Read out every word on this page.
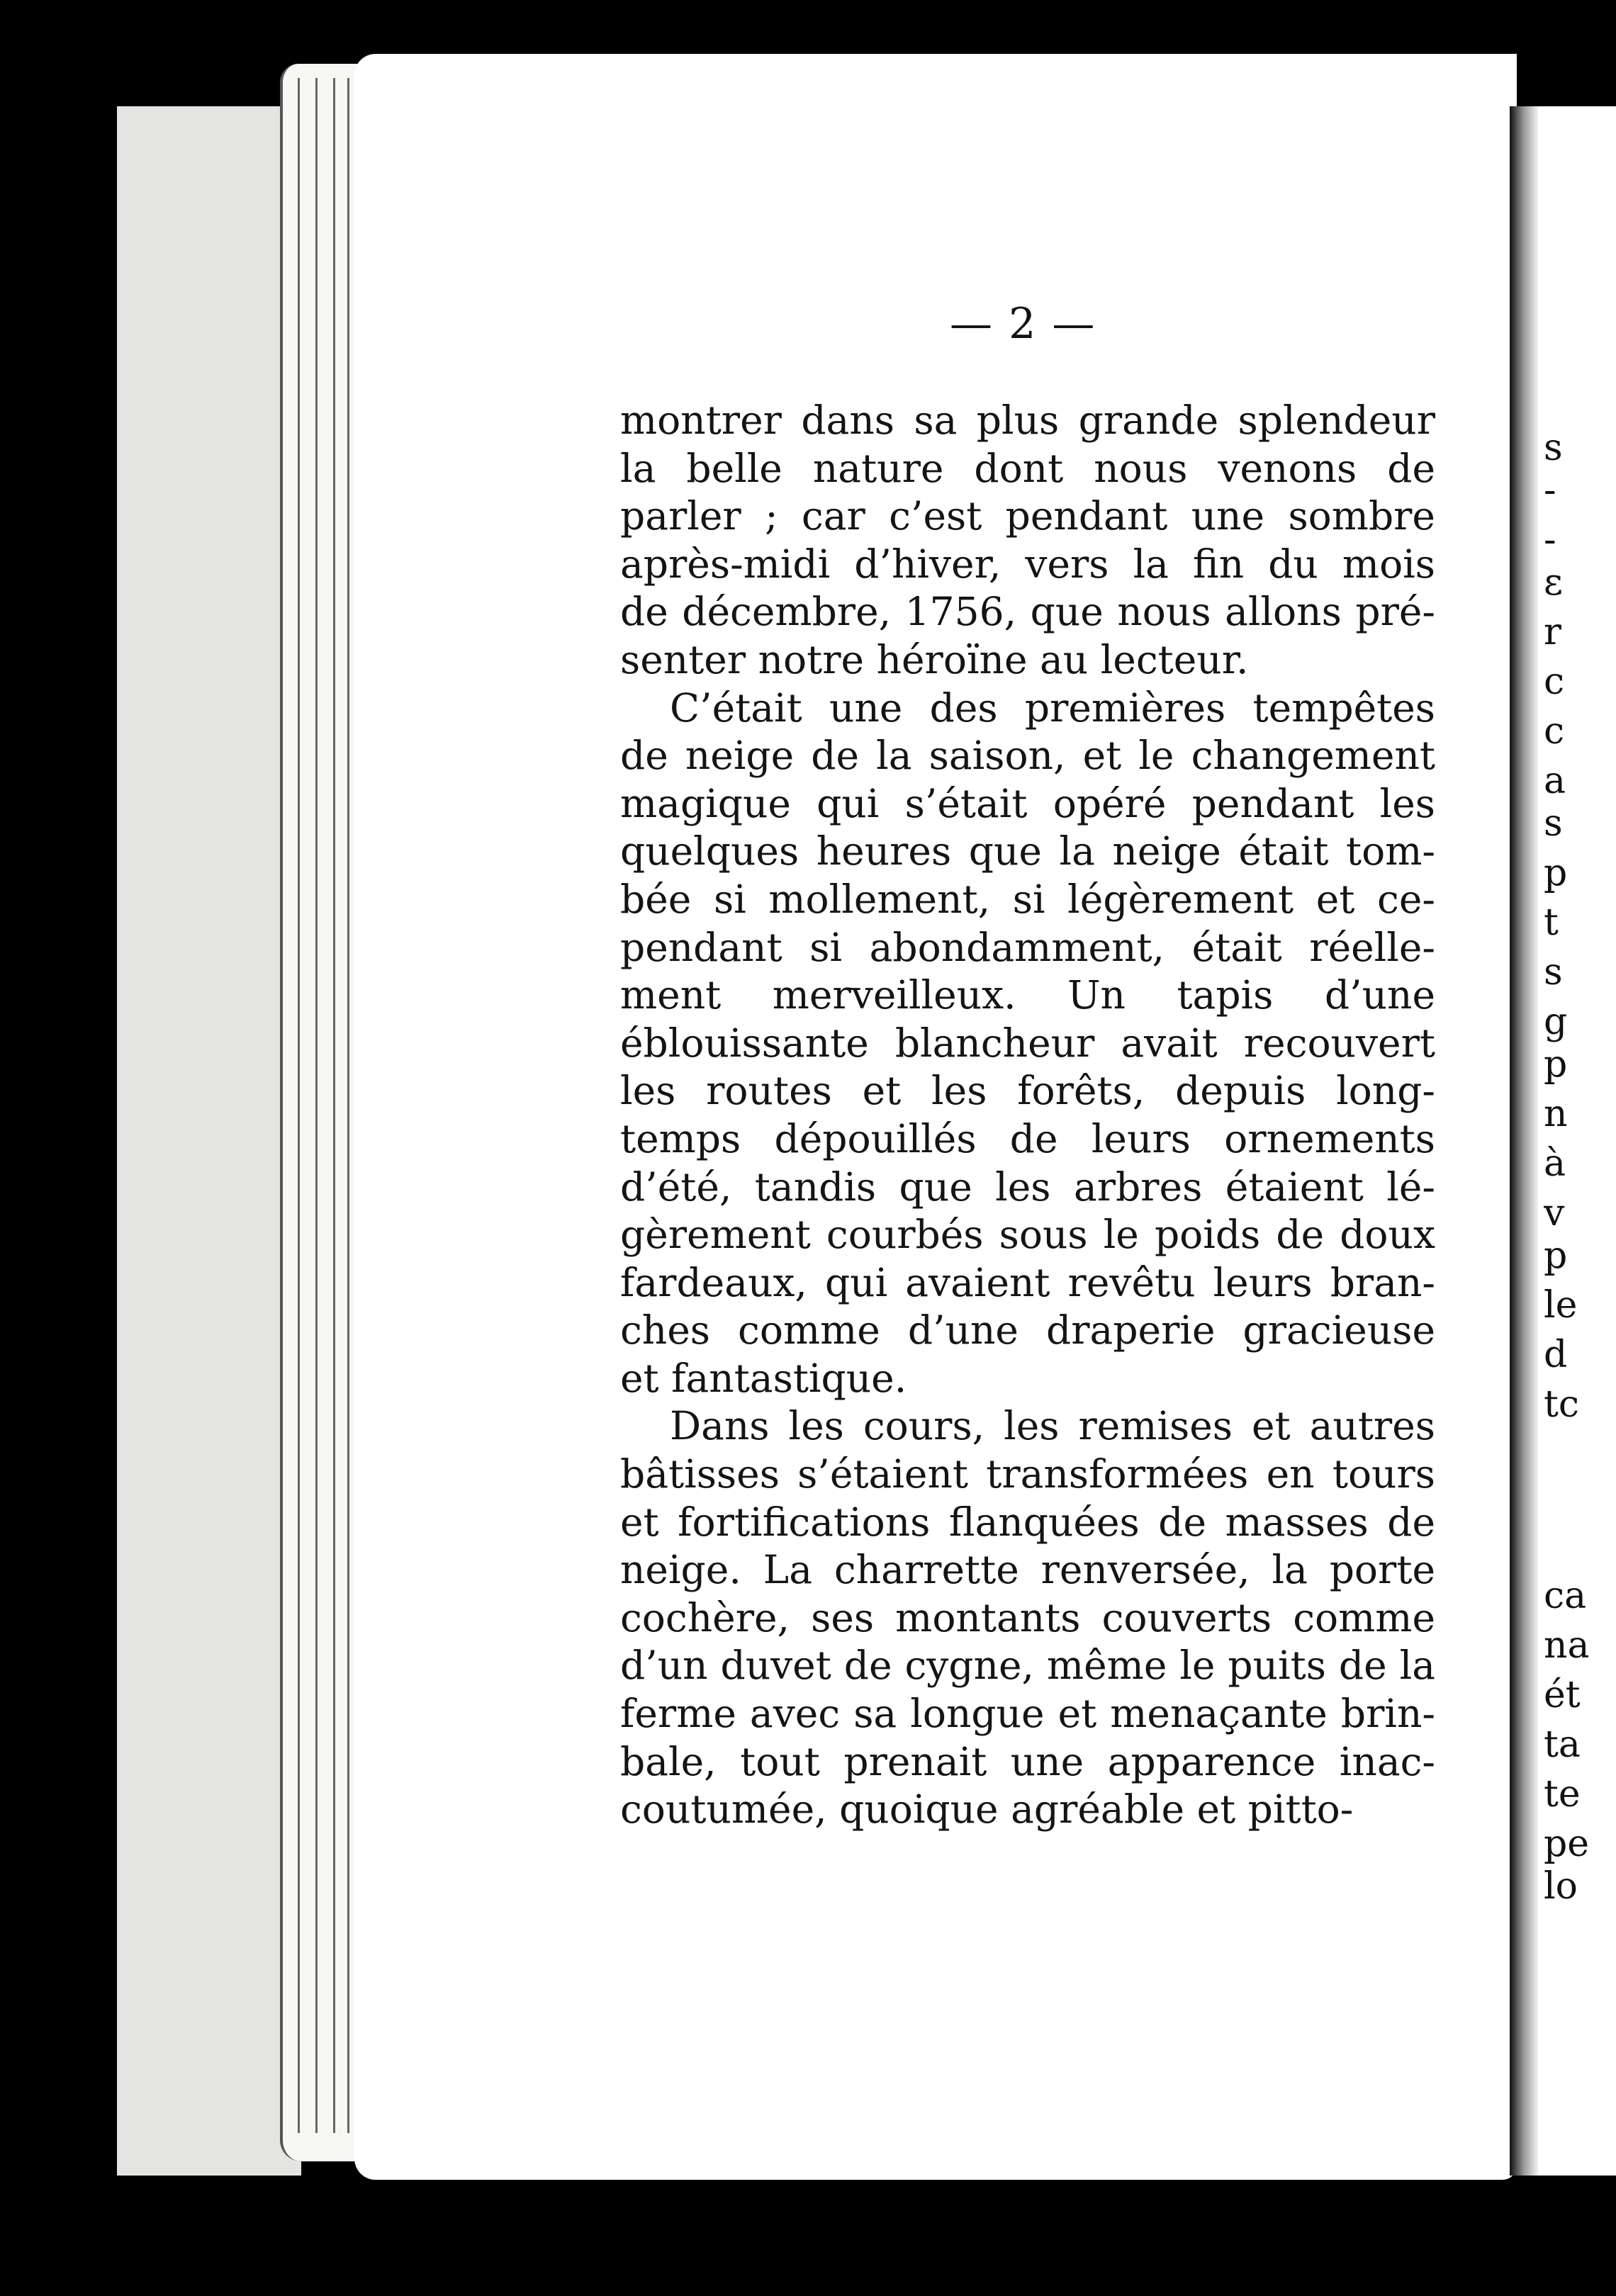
s
-
-
ε
r
c
c
a
s
p
t
s
g
p
n
à
v
p
le
d
tc
ca
na
ét
ta
te
pe
lo
— 2 —

montrer dans sa plus grande splendeur
la belle nature dont nous venons de
parler ; car c’est pendant une sombre
après-midi d’hiver, vers la fin du mois
de décembre, 1756, que nous allons pré-
senter notre héroïne au lecteur.

C’était une des premières tempêtes
de neige de la saison, et le changement
magique qui s’était opéré pendant les
quelques heures que la neige était tom-
bée si mollement, si légèrement et ce-
pendant si abondamment, était réelle-
ment merveilleux. Un tapis d’une
éblouissante blancheur avait recouvert
les routes et les forêts, depuis long-
temps dépouillés de leurs ornements
d’été, tandis que les arbres étaient lé-
gèrement courbés sous le poids de doux
fardeaux, qui avaient revêtu leurs bran-
ches comme d’une draperie gracieuse
et fantastique.

Dans les cours, les remises et autres
bâtisses s’étaient transformées en tours
et fortifications flanquées de masses de
neige. La charrette renversée, la porte
cochère, ses montants couverts comme
d’un duvet de cygne, même le puits de la
ferme avec sa longue et menaçante brin-
bale, tout prenait une apparence inac-
coutumée, quoique agréable et pitto-
